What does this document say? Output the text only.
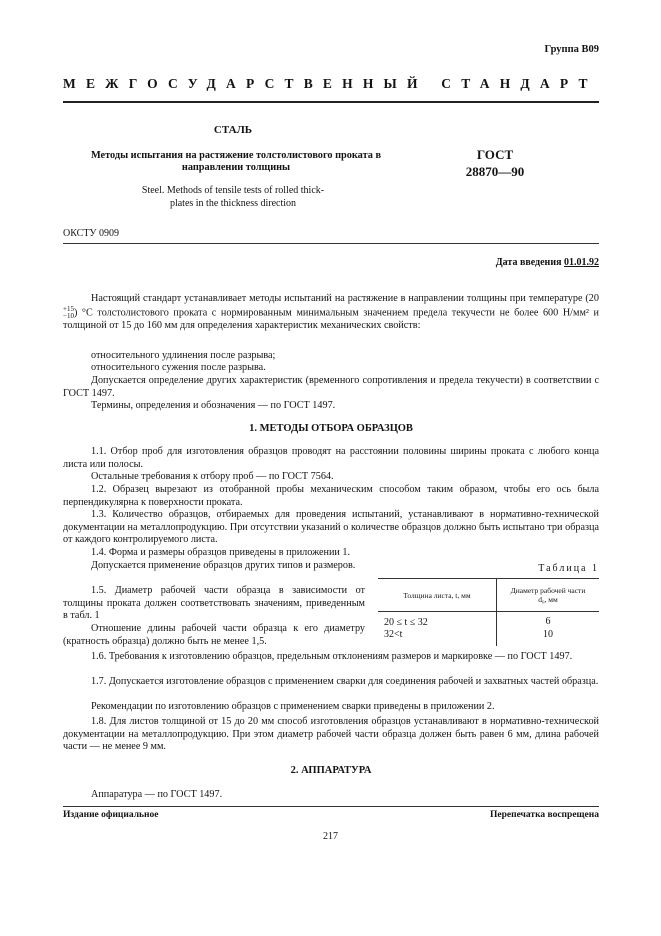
Группа В09
МЕЖГОСУДАРСТВЕННЫЙ СТАНДАРТ
СТАЛЬ
Методы испытания на растяжение толстолистового проката в направлении толщины
Steel. Methods of tensile tests of rolled thick-plates in the thickness direction
ГОСТ
28870—90
ОКСТУ 0909
Дата введения 01.01.92
Настоящий стандарт устанавливает методы испытаний на растяжение в направлении толщины при температуре (20
+15
−10 ) °С толстолистового проката с нормированным минимальным значением предела текучести не более 600 Н/мм² и толщиной от 15 до 160 мм для определения характеристик механических свойств:
относительного удлинения после разрыва;
относительного сужения после разрыва.
Допускается определение других характеристик (временного сопротивления и предела текучести) в соответствии с ГОСТ 1497.
Термины, определения и обозначения — по ГОСТ 1497.
1. МЕТОДЫ ОТБОРА ОБРАЗЦОВ
1.1. Отбор проб для изготовления образцов проводят на расстоянии половины ширины проката с любого конца листа или полосы.
Остальные требования к отбору проб — по ГОСТ 7564.
1.2. Образец вырезают из отобранной пробы механическим способом таким образом, чтобы его ось была перпендикулярна к поверхности проката.
1.3. Количество образцов, отбираемых для проведения испытаний, устанавливают в нормативно-технической документации на металлопродукцию. При отсутствии указаний о количестве образцов должно быть испытано три образца от каждого контролируемого листа.
1.4. Форма и размеры образцов приведены в приложении 1.
Допускается применение образцов других типов и размеров.
1.5. Диаметр рабочей части образца в зависимости от толщины проката должен соответствовать значениям, приведенным в табл. 1
Отношение длины рабочей части образца к его диаметру (кратность образца) должно быть не менее 1,5.
Таблица 1
Толщина листа, t, мм	Диаметр рабочей части
d₀, мм

20 ≤ t ≤ 32	6
32<t	10
1.6. Требования к изготовлению образцов, предельным отклонениям размеров и маркировке — по ГОСТ 1497.
1.7. Допускается изготовление образцов с применением сварки для соединения рабочей и захватных частей образца.
Рекомендации по изготовлению образцов с применением сварки приведены в приложении 2.
1.8. Для листов толщиной от 15 до 20 мм способ изготовления образцов устанавливают в нормативно-технической документации на металлопродукцию. При этом диаметр рабочей части образца должен быть равен 6 мм, длина рабочей части — не менее 9 мм.
2. АППАРАТУРА
Аппаратура — по ГОСТ 1497.
Издание официальное	Перепечатка воспрещена
217
